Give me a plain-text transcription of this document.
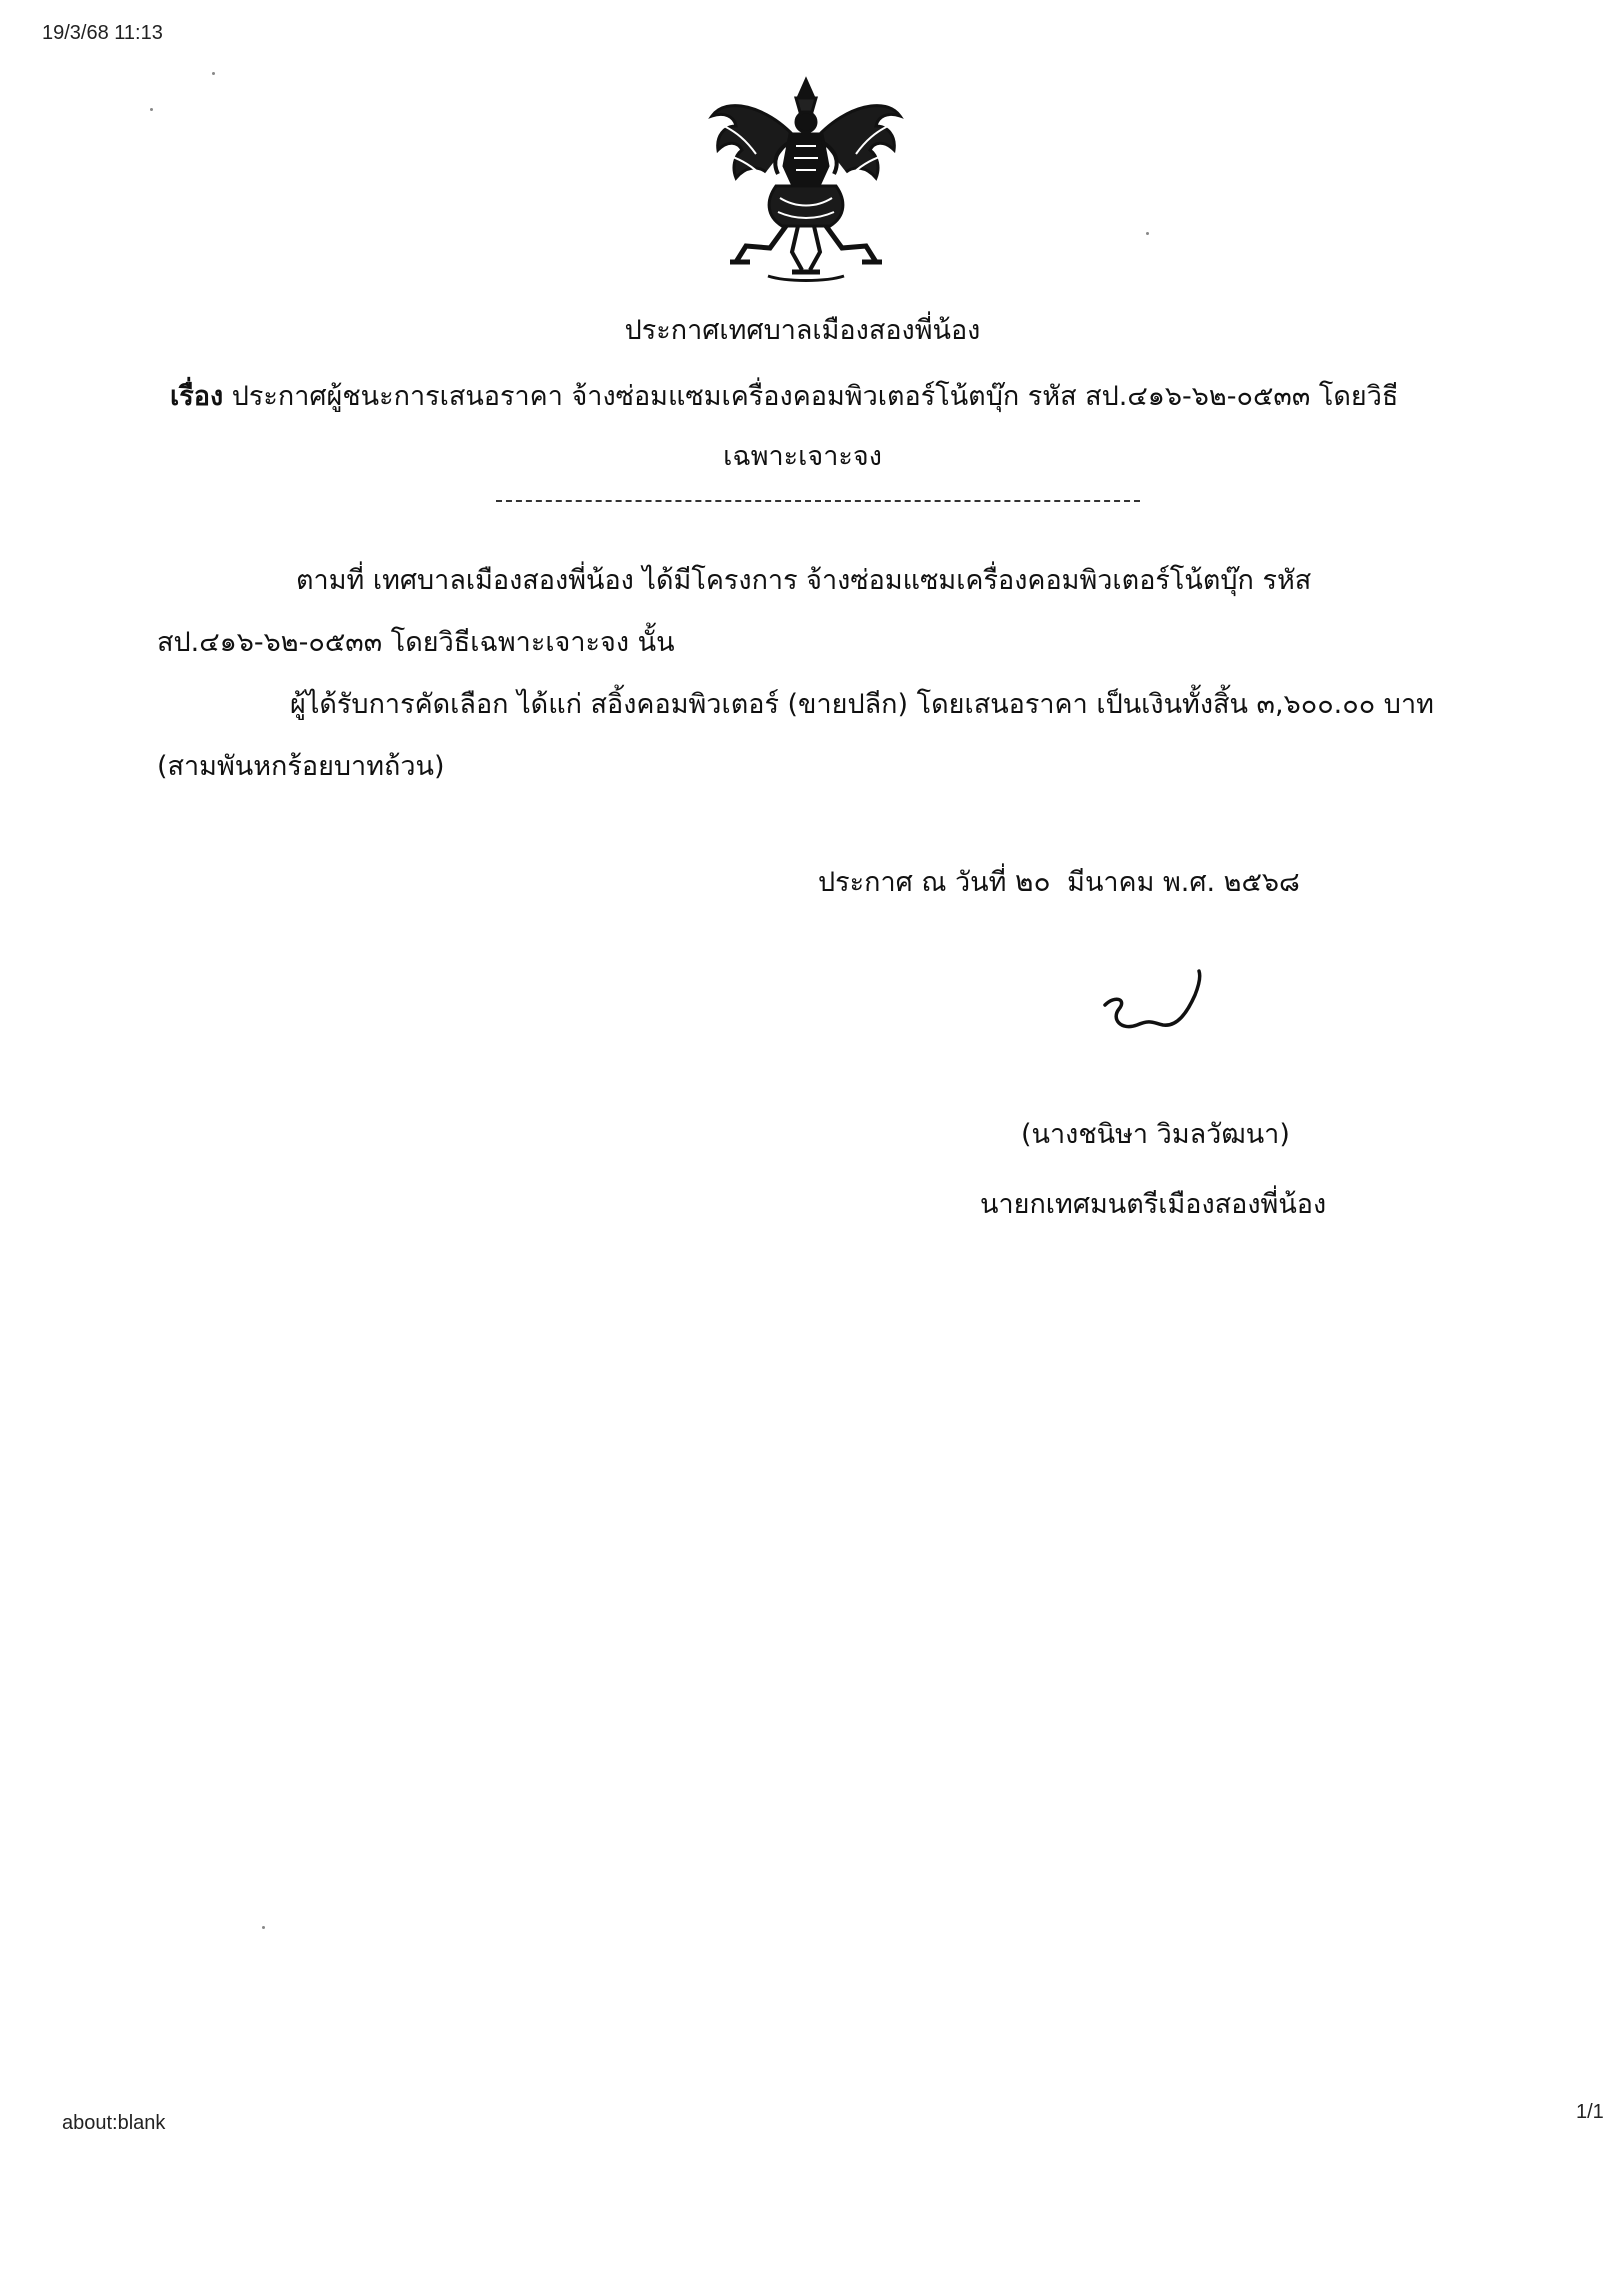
19/3/68 11:13
ประกาศเทศบาลเมืองสองพี่น้อง
เรื่อง ประกาศผู้ชนะการเสนอราคา จ้างซ่อมแซมเครื่องคอมพิวเตอร์โน้ตบุ๊ก รหัส สป.๔๑๖-๖๒-๐๕๓๓ โดยวิธี
เฉพาะเจาะจง
ตามที่ เทศบาลเมืองสองพี่น้อง ได้มีโครงการ จ้างซ่อมแซมเครื่องคอมพิวเตอร์โน้ตบุ๊ก รหัส
สป.๔๑๖-๖๒-๐๕๓๓ โดยวิธีเฉพาะเจาะจง นั้น
ผู้ได้รับการคัดเลือก ได้แก่ สอิ้งคอมพิวเตอร์ (ขายปลีก) โดยเสนอราคา เป็นเงินทั้งสิ้น ๓,๖๐๐.๐๐ บาท
(สามพันหกร้อยบาทถ้วน)
ประกาศ ณ วันที่ ๒๐ มีนาคม พ.ศ. ๒๕๖๘
(นางชนิษา วิมลวัฒนา)
นายกเทศมนตรีเมืองสองพี่น้อง
about:blank	1/1
